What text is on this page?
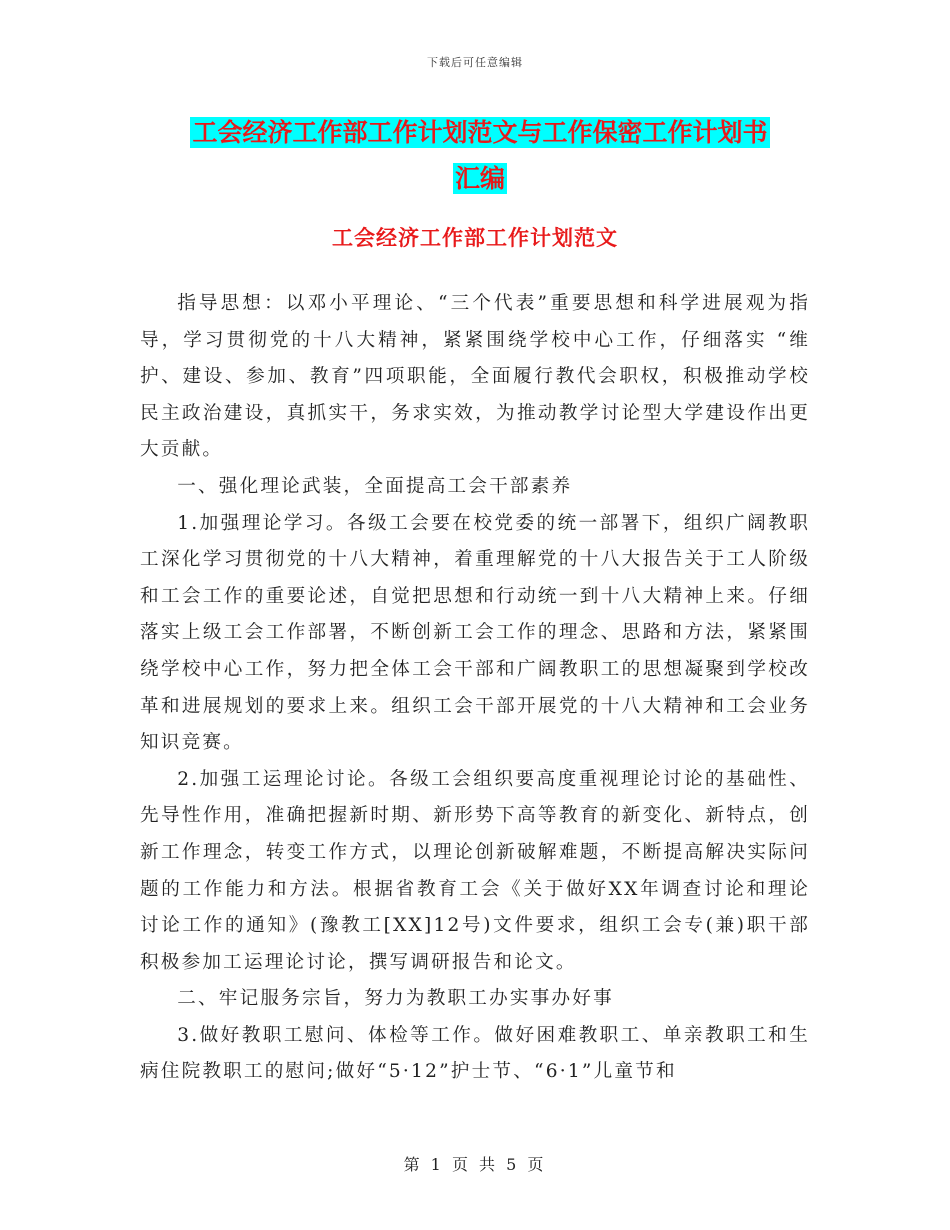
下载后可任意编辑
工会经济工作部工作计划范文与工作保密工作计划书
汇编
工会经济工作部工作计划范文

指导思想：以邓小平理论、“三个代表”重要思想和科学进展观为指导，学习贯彻党的十八大精神，紧紧围绕学校中心工作，仔细落实 “维护、建设、参加、教育”四项职能，全面履行教代会职权，积极推动学校民主政治建设，真抓实干，务求实效，为推动教学讨论型大学建设作出更大贡献。

一、强化理论武装，全面提高工会干部素养

1.加强理论学习。各级工会要在校党委的统一部署下，组织广阔教职工深化学习贯彻党的十八大精神，着重理解党的十八大报告关于工人阶级和工会工作的重要论述，自觉把思想和行动统一到十八大精神上来。仔细落实上级工会工作部署，不断创新工会工作的理念、思路和方法，紧紧围绕学校中心工作，努力把全体工会干部和广阔教职工的思想凝聚到学校改革和进展规划的要求上来。组织工会干部开展党的十八大精神和工会业务知识竞赛。

2.加强工运理论讨论。各级工会组织要高度重视理论讨论的基础性、先导性作用，准确把握新时期、新形势下高等教育的新变化、新特点，创新工作理念，转变工作方式，以理论创新破解难题，不断提高解决实际问题的工作能力和方法。根据省教育工会《关于做好XX年调查讨论和理论讨论工作的通知》(豫教工[XX]12号)文件要求，组织工会专(兼)职干部积极参加工运理论讨论，撰写调研报告和论文。

二、牢记服务宗旨，努力为教职工办实事办好事

3.做好教职工慰问、体检等工作。做好困难教职工、单亲教职工和生病住院教职工的慰问;做好“5·12”护士节、“6·1”儿童节和

第 1 页 共 5 页
